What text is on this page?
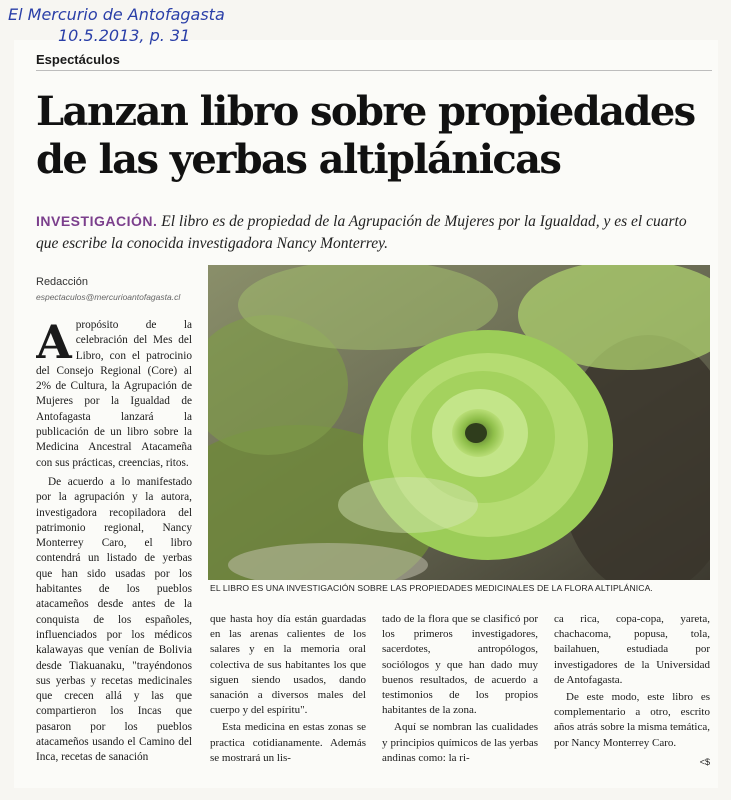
El Mercurio de Antofagasta
10.5.2013, p. 31
Espectáculos
Lanzan libro sobre propiedades de las yerbas altiplánicas
INVESTIGACIÓN. El libro es de propiedad de la Agrupación de Mujeres por la Igualdad, y es el cuarto que escribe la conocida investigadora Nancy Monterrey.
Redacción
espectaculos@mercurioantofagasta.cl

A propósito de la celebración del Mes del Libro, con el patrocinio del Consejo Regional (Core) al 2% de Cultura, la Agrupación de Mujeres por la Igualdad de Antofagasta lanzará la publicación de un libro sobre la Medicina Ancestral Atacameña con sus prácticas, creencias, ritos.

De acuerdo a lo manifestado por la agrupación y la autora, investigadora recopiladora del patrimonio regional, Nancy Monterrey Caro, el libro contendrá un listado de yerbas que han sido usadas por los habitantes de los pueblos atacameños desde antes de la conquista de los españoles, influenciados por los médicos kalawayas que venían de Bolivia desde Tiakuanaku, "trayéndonos sus yerbas y recetas medicinales que crecen allá y las que compartieron los Incas que pasaron por los pueblos atacameños usando el Camino del Inca, recetas de sanación

EL LIBRO ES UNA INVESTIGACIÓN SOBRE LAS PROPIEDADES MEDICINALES DE LA FLORA ALTIPLÁNICA.

que hasta hoy día están guardadas en las arenas calientes de los salares y en la memoria oral colectiva de sus habitantes los que siguen siendo usados, dando sanación a diversos males del cuerpo y del espíritu".

Esta medicina en estas zonas se practica cotidianamente. Además se mostrará un lis-

tado de la flora que se clasificó por los primeros investigadores, sacerdotes, antropólogos, sociólogos y que han dado muy buenos resultados, de acuerdo a testimonios de los propios habitantes de la zona.

Aquí se nombran las cualidades y principios químicos de las yerbas andinas como: la ri-

ca rica, copa-copa, yareta, chachacoma, popusa, tola, bailahuen, estudiada por investigadores de la Universidad de Antofagasta.

De este modo, este libro es complementario a otro, escrito años atrás sobre la misma temática, por Nancy Monterrey Caro.

<$
